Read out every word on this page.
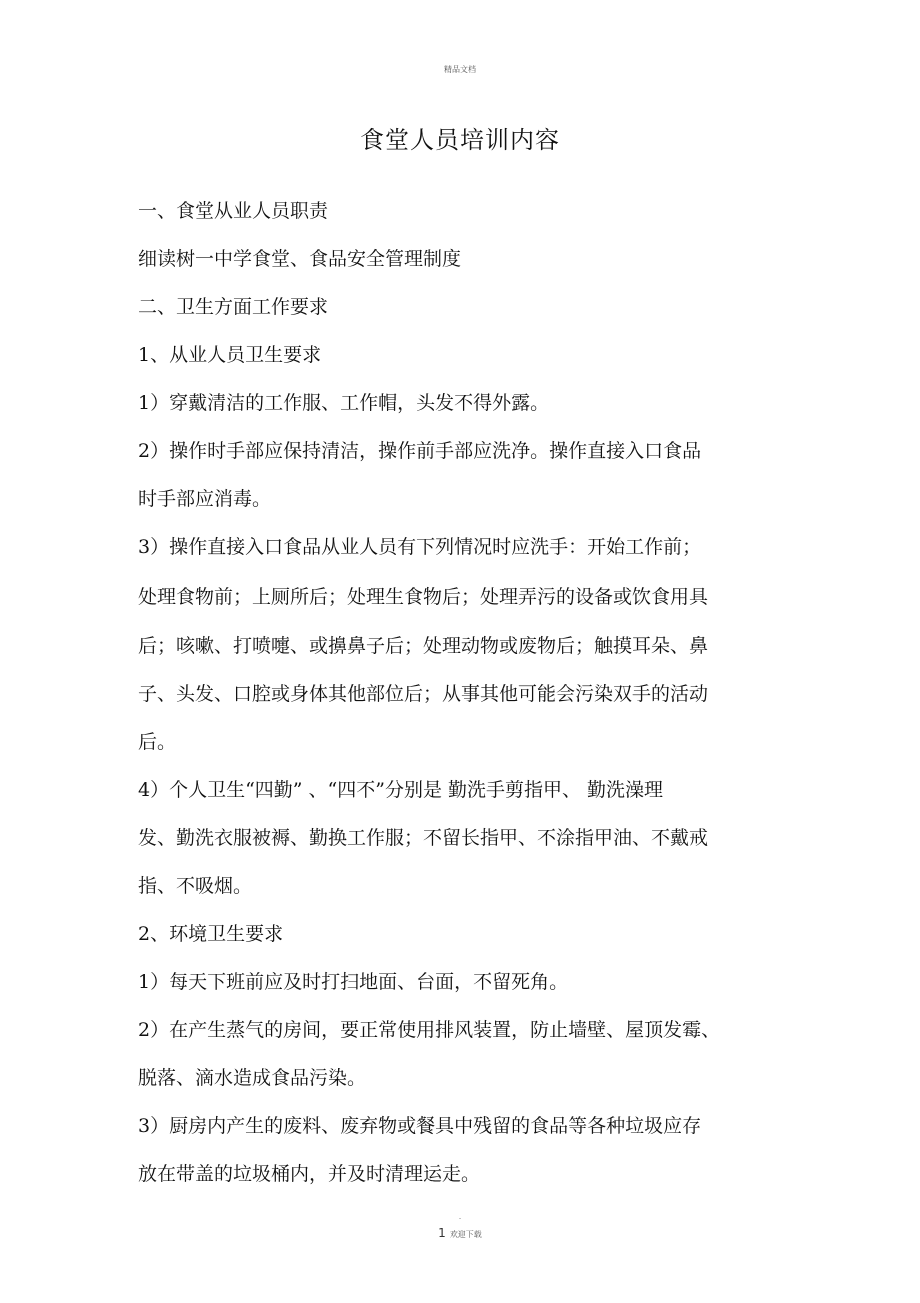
精品文档
食堂人员培训内容
一、食堂从业人员职责
细读树一中学食堂、食品安全管理制度
二、卫生方面工作要求
1、从业人员卫生要求
1）穿戴清洁的工作服、工作帽，头发不得外露。
2）操作时手部应保持清洁，操作前手部应洗净。操作直接入口食品
时手部应消毒。
3）操作直接入口食品从业人员有下列情况时应洗手：开始工作前；
处理食物前；上厕所后；处理生食物后；处理弄污的设备或饮食用具
后；咳嗽、打喷嚏、或擤鼻子后；处理动物或废物后；触摸耳朵、鼻
子、头发、口腔或身体其他部位后；从事其他可能会污染双手的活动
后。
4）个人卫生“四勤” 、“四不”分别是 勤洗手剪指甲、 勤洗澡理
发、勤洗衣服被褥、勤换工作服；不留长指甲、不涂指甲油、不戴戒
指、不吸烟。
2、环境卫生要求
1）每天下班前应及时打扫地面、台面，不留死角。
2）在产生蒸气的房间，要正常使用排风装置，防止墙壁、屋顶发霉、
脱落、滴水造成食品污染。
3）厨房内产生的废料、废弃物或餐具中残留的食品等各种垃圾应存
放在带盖的垃圾桶内，并及时清理运走。
.
1 欢迎下载
